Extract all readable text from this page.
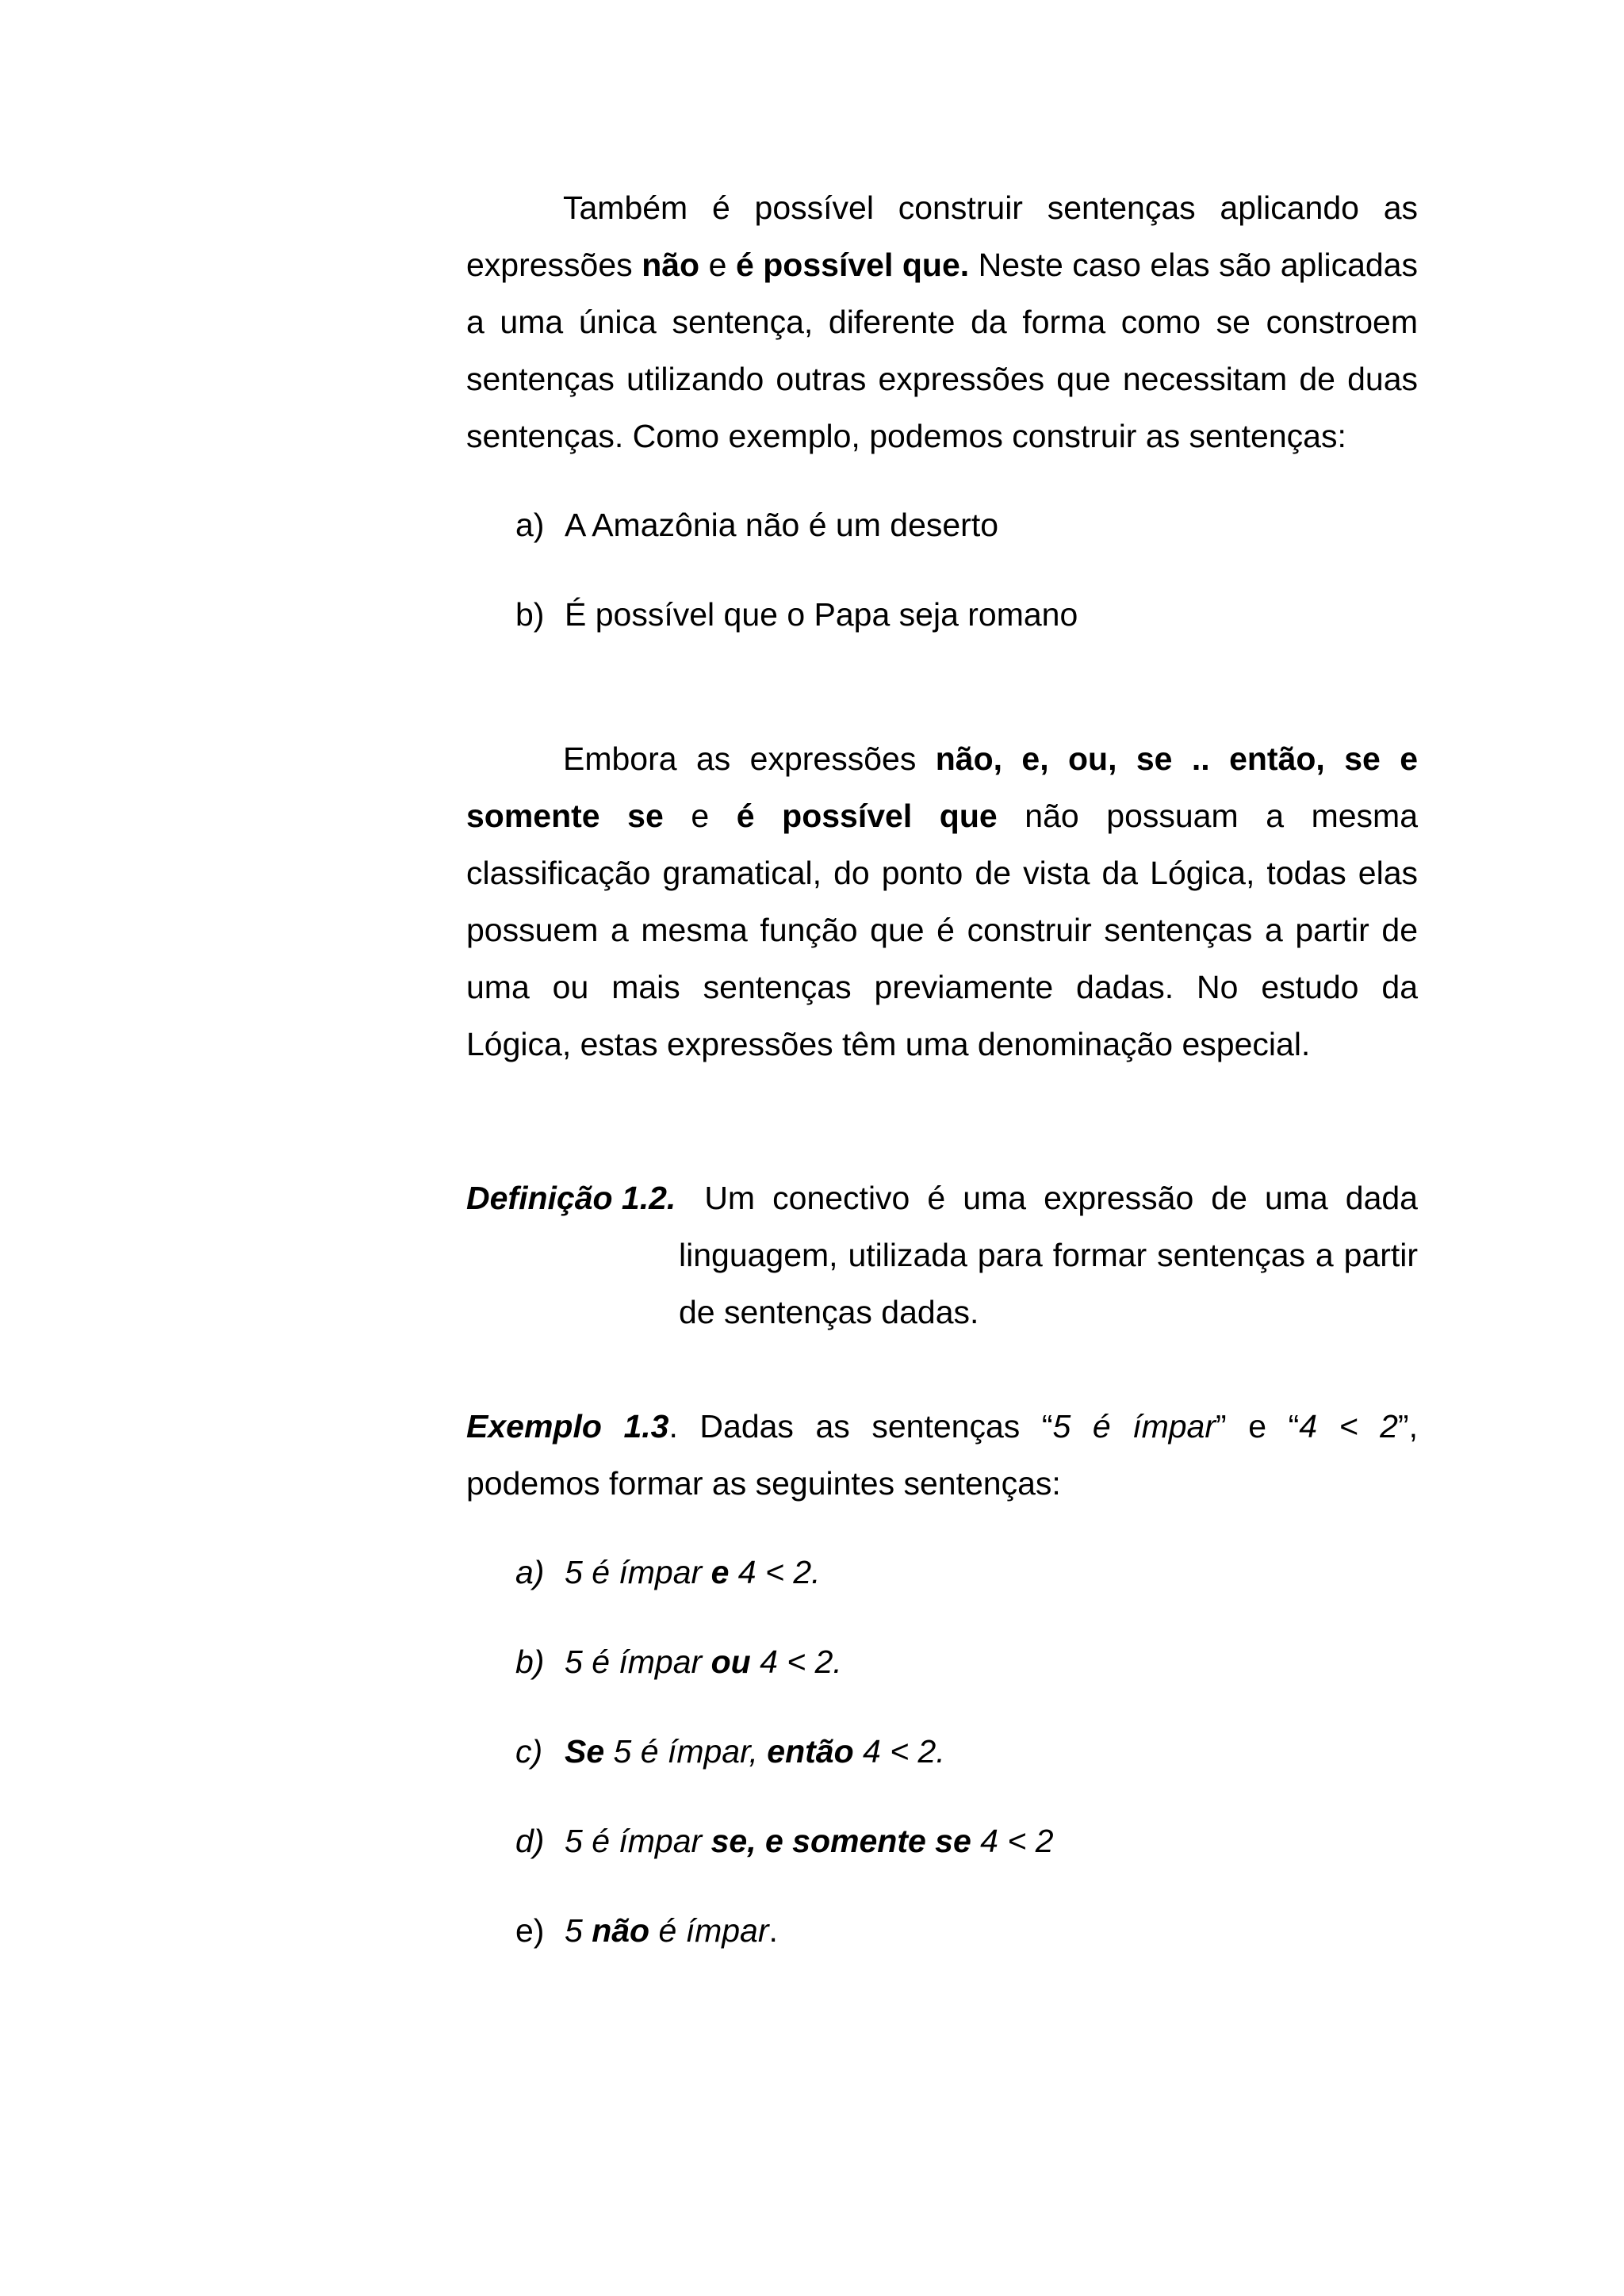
Também é possível construir sentenças aplicando as expressões não e é possível que. Neste caso elas são aplicadas a uma única sentença, diferente da forma como se constroem sentenças utilizando outras expressões que necessitam de duas sentenças. Como exemplo, podemos construir as sentenças:

a) A Amazônia não é um deserto
b) É possível que o Papa seja romano

Embora as expressões não, e, ou, se .. então, se e somente se e é possível que não possuam a mesma classificação gramatical, do ponto de vista da Lógica, todas elas possuem a mesma função que é construir sentenças a partir de uma ou mais sentenças previamente dadas. No estudo da Lógica, estas expressões têm uma denominação especial.

Definição 1.2. Um conectivo é uma expressão de uma dada

linguagem, utilizada para formar sentenças a partir de sentenças dadas.

Exemplo 1.3. Dadas as sentenças “5 é ímpar” e “4 < 2”, podemos formar as seguintes sentenças:

a) 5 é ímpar e 4 < 2.
b) 5 é ímpar ou 4 < 2.
c) Se 5 é ímpar, então 4 < 2.
d) 5 é ímpar se, e somente se 4 < 2
e) 5 não é ímpar.
